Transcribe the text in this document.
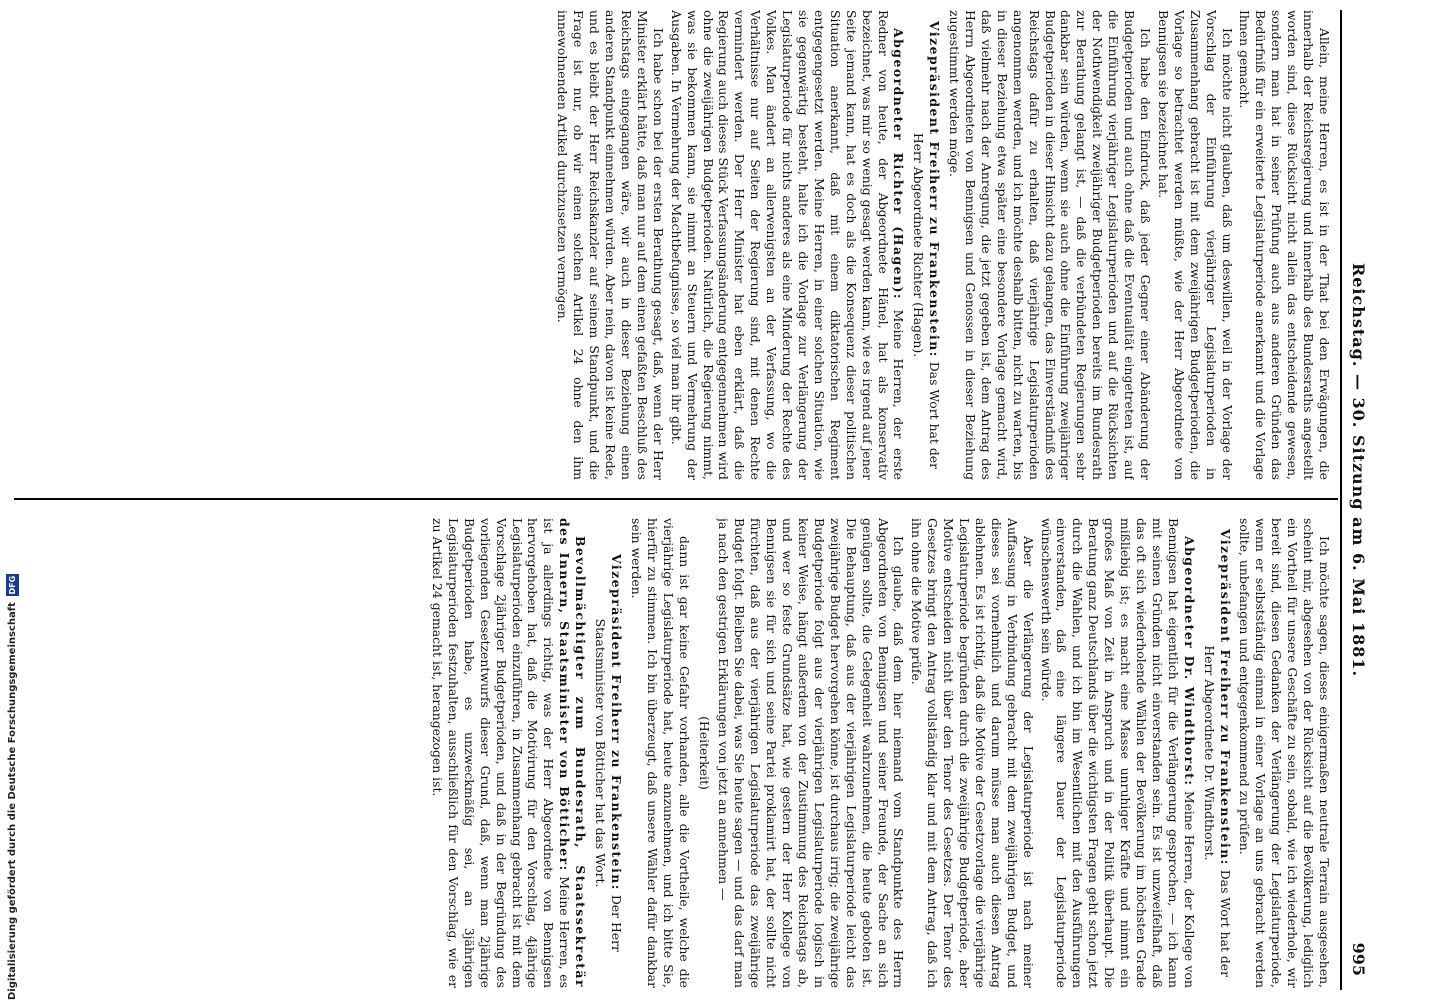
Reichstag. — 30. Sitzung am 6. Mai 1881.
995

Allein, meine Herren, es ist in der That bei den Erwägungen, die innerhalb der Reichsregierung und innerhalb des Bundesraths angestellt worden sind, diese Rücksicht nicht allein das entscheidende gewesen, sondern man hat in seiner Prüfung auch aus anderen Gründen das Bedürfniß für ein erweiterte Legislaturperiode anerkannt und die Vorlage Ihnen gemacht.

Ich möchte nicht glauben, daß um deswillen, weil in der Vorlage der Vorschlag der Einführung vierjähriger Legislaturperioden in Zusammenhang gebracht ist mit dem zweijährigen Budgetperioden, die Vorlage so betrachtet werden müßte, wie der Herr Abgeordnete von Bennigsen sie bezeichnet hat.

Ich habe den Eindruck, daß jeder Gegner einer Abänderung der Budgetperioden und auch ohne daß die Eventualität eingetreten ist, auf die Einführung vierjähriger Legislaturperioden und auf die Rücksichten der Nothwendigkeit zweijähriger Budgetperioden bereits im Bundesrath zur Berathung gelangt ist, — daß die verbündeten Regierungen sehr dankbar sein würden, wenn sie auch ohne die Einführung zweijähriger Budgetperioden in dieser Hinsicht dazu gelangen, das Einverständniß des Reichstags dafür zu erhalten, daß vierjährige Legislaturperioden angenommen werden, und ich möchte deshalb bitten, nicht zu warten, bis in dieser Beziehung etwa später eine besondere Vorlage gemacht wird, daß vielmehr nach der Anregung, die jetzt gegeben ist, dem Antrag des Herrn Abgeordneten von Bennigsen und Genossen in dieser Beziehung zugestimmt werden möge.

Vizepräsident Freiherr zu Frankenstein: Das Wort hat der Herr Abgeordnete Richter (Hagen).

Abgeordneter Richter (Hagen): Meine Herren, der erste Redner von heute, der Abgeordnete Hänel, hat als konservativ bezeichnet, was mir so wenig gesagt werden kann, wie es irgend auf jener Seite jemand kann, hat es doch als die Konsequenz dieser politischen Situation anerkannt, daß mit einem diktatorischen Regiment entgegengesetzt werden. Meine Herren, in einer solchen Situation, wie sie gegenwärtig besteht, halte ich die Vorlage zur Verlängerung der Legislaturperiode für nichts anderes als eine Minderung der Rechte des Volkes. Man ändert an allerwenigsten an der Verfassung, wo die Verhältnisse nur auf Seiten der Regierung sind, mit denen Rechte vermindert werden. Der Herr Minister hat eben erklärt, daß die Regierung auch dieses Stück Verfassungsänderung entgegennehmen wird ohne die zweijährigen Budgetperioden. Natürlich, die Regierung nimmt, was sie bekommen kann, sie nimmt an Steuern und Vermehrung der Ausgaben. In Vermehrung der Machtbefugnisse, so viel man ihr gibt.

Ich habe schon bei der ersten Berathung gesagt, daß, wenn der Herr Minister erklärt hätte, daß man nur auf dem einen gefaßten Beschluß des Reichstags eingegangen wäre, wir auch in dieser Beziehung einen anderen Standpunkt einnehmen würden. Aber nein, davon ist keine Rede, und es bleibt der Herr Reichskanzler auf seinem Standpunkt, und die Frage ist nur, ob wir einen solchen Artikel 24 ohne den ihm innewohnenden Artikel durchzusetzen vermögen.

Ich möchte sagen, dieses einigermaßen neutrale Terrain ausgesehen, scheint mir, abgesehen von der Rücksicht auf die Bevölkerung, lediglich ein Vortheil für unsere Geschäfte zu sein, sobald, wie ich wiederhole, wir bereit sind, diesen Gedanken der Verlängerung der Legislaturperiode, wenn er selbstständig einmal in einer Vorlage an uns gebracht werden sollte, unbefangen und entgegenkommend zu prüfen.

Vizepräsident Freiherr zu Frankenstein: Das Wort hat der Herr Abgeordnete Dr. Windthorst.

Abgeordneter Dr. Windthorst: Meine Herren, der Kollege von Bennigsen hat eigentlich für die Verlängerung gesprochen, — ich kann mit seinen Gründen nicht einverstanden sein. Es ist unzweifelhaft, daß das oft sich wiederholende Wählen der Bevölkerung im höchsten Grade mißliebig ist; es macht eine Masse unruhiger Kräfte und nimmt ein großes Maß von Zeit in Anspruch und in der Politik überhaupt. Die Beratung ganz Deutschlands über die wichtigsten Fragen geht schon jetzt durch die Wahlen, und ich bin im Wesentlichen mit den Ausführungen einverstanden, daß eine längere Dauer der Legislaturperiode wünschenswerth sein würde.

Aber die Verlängerung der Legislaturperiode ist nach meiner Auffassung in Verbindung gebracht mit dem zweijährigen Budget, und dieses sei vornehmlich und darum müsse man auch diesen Antrag ablehnen. Es ist richtig, daß die Motive der Gesetzvorlage die vierjährige Legislaturperiode begründen durch die zweijährige Budgetperiode, aber Motive entscheiden nicht über den Tenor des Gesetzes. Der Tenor des Gesetzes bringt den Antrag vollständig klar und mit dem Antrag, daß ich ihn ohne die Motive prüfe.

Ich glaube, daß dem hier niemand vom Standpunkte des Herrn Abgeordneten von Bennigsen und seiner Freunde, der Sache an sich genügen sollte, die Gelegenheit wahrzunehmen, die heute geboten ist. Die Behauptung, daß aus der vierjährigen Legislaturperiode leicht das zweijährige Budget hervorgehen könne, ist durchaus irrig; die zweijährige Budgetperiode folgt aus der vierjährigen Legislaturperiode logisch in keiner Weise, hängt außerdem von der Zustimmung des Reichstags ab, und wer so feste Grundsätze hat, wie gestern der Herr Kollege von Bennigsen sie für sich und seine Partei proklamirt hat, der sollte nicht fürchten, daß aus der vierjährigen Legislaturperiode das zweijährige Budget folgt. Bleiben Sie dabei, was Sie heute sagen — und das darf man ja nach den gestrigen Erklärungen von jetzt an annehmen —

(Heiterkeit)

dann ist gar keine Gefahr vorhanden, alle die Vortheile, welche die vierjährige Legislaturperiode hat, heute anzunehmen, und ich bitte Sie, hierfür zu stimmen. Ich bin überzeugt, daß unsere Wähler dafür dankbar sein werden.

Vizepräsident Freiherr zu Frankenstein: Der Herr Staatsminister von Bötticher hat das Wort.

Bevollmächtigter zum Bundesrath, Staatssekretär des Innern, Staatsminister von Bötticher: Meine Herren, es ist ja allerdings richtig, was der Herr Abgeordnete von Bennigsen hervorgehoben hat, daß die Motivirung für den Vorschlag, 4jährige Legislaturperioden einzuführen, in Zusammenhang gebracht ist mit dem Vorschlage 2jähriger Budgetperioden, und daß in der Begründung des vorliegenden Gesetzentwurfs dieser Grund, daß, wenn man 2jährige Budgetperioden habe, es unzweckmäßig sei, an 3jährigen Legislaturperioden festzuhalten, ausschließlich für den Vorschlag, wie er zu Artikel 24 gemacht ist, herangezogen ist.

Digitalisierung gefördert durch die Deutsche Forschungsgemeinschaft
DFG
